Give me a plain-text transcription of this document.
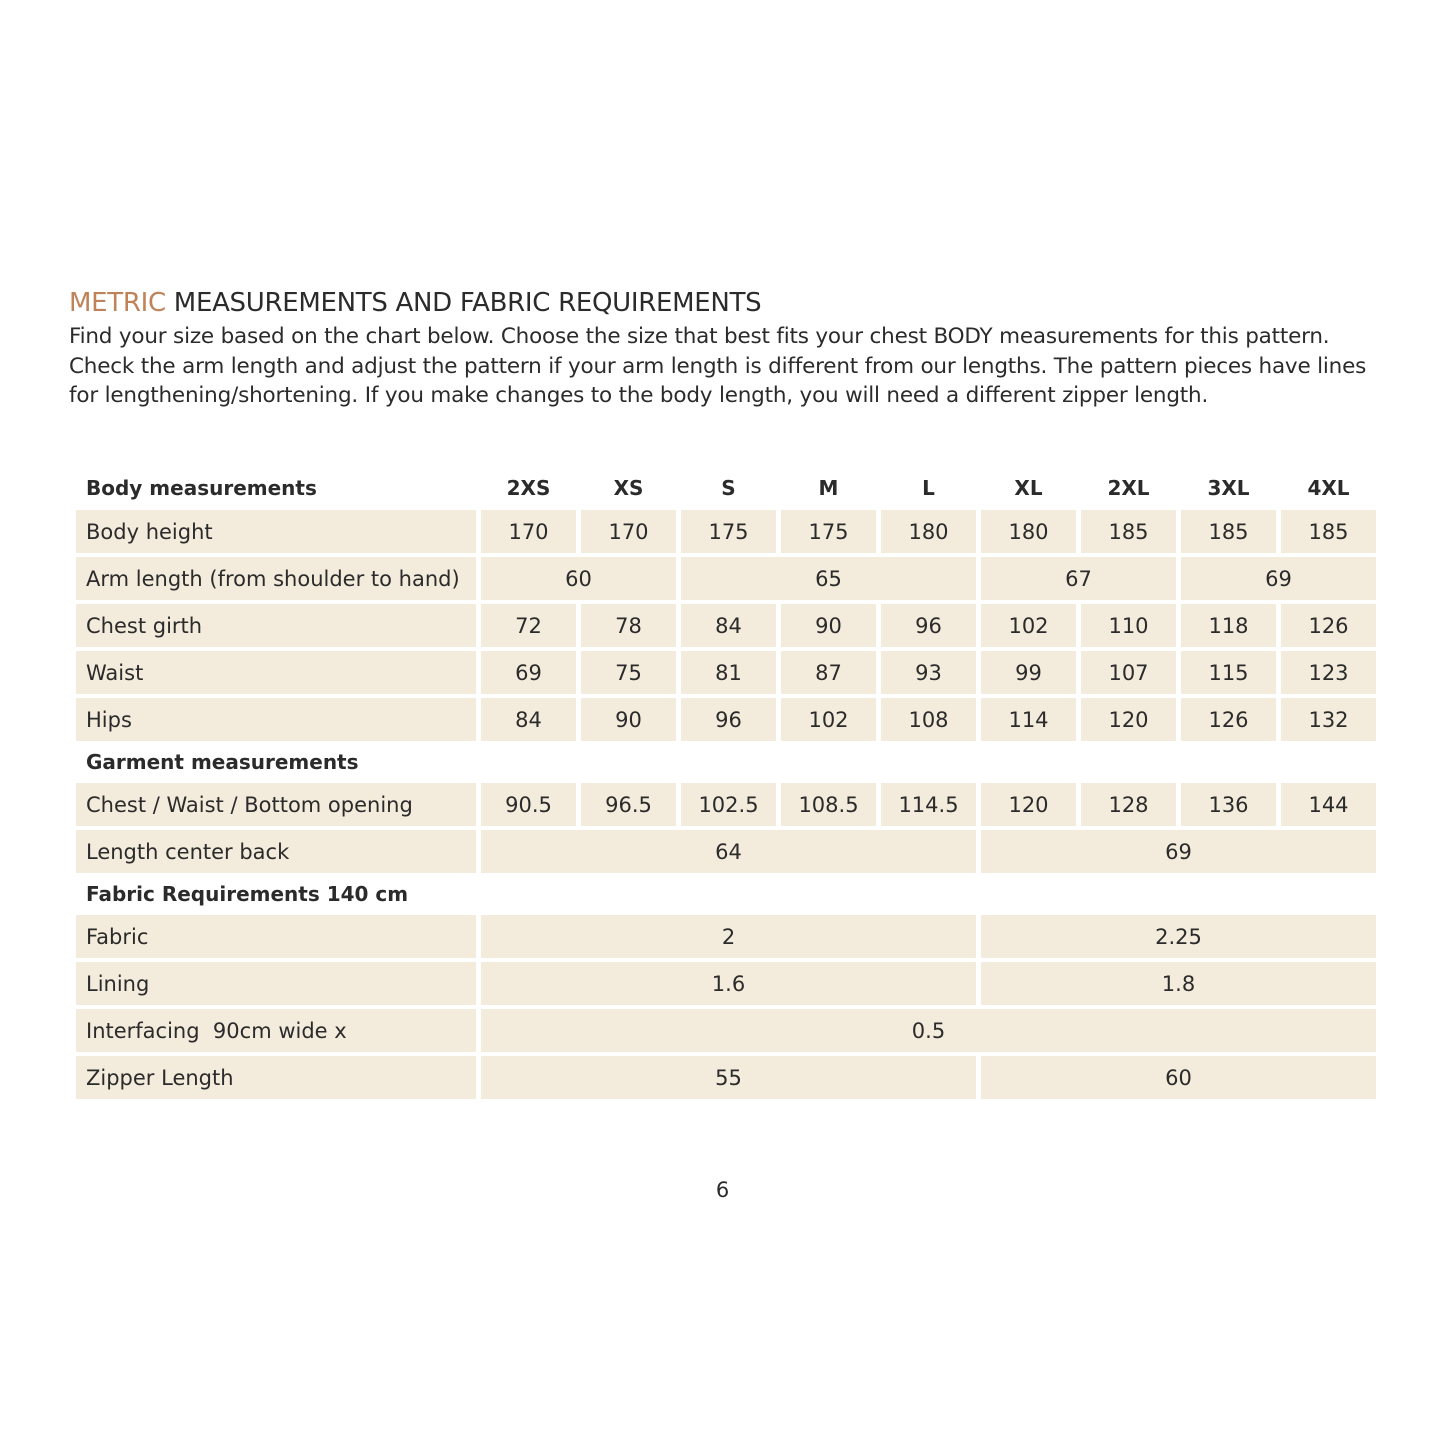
METRIC MEASUREMENTS AND FABRIC REQUIREMENTS
Find your size based on the chart below. Choose the size that best fits your chest BODY measurements for this pattern.
Check the arm length and adjust the pattern if your arm length is different from our lengths. The pattern pieces have lines
for lengthening/shortening. If you make changes to the body length, you will need a different zipper length.
Body measurements	2XS	XS	S	M	L	XL	2XL	3XL	4XL
Body height	170	170	175	175	180	180	185	185	185
Arm length (from shoulder to hand)	60		65			67		69	
Chest girth	72	78	84	90	96	102	110	118	126
Waist	69	75	81	87	93	99	107	115	123
Hips	84	90	96	102	108	114	120	126	132
Garment measurements									
Chest / Waist / Bottom opening	90.5	96.5	102.5	108.5	114.5	120	128	136	144
Length center back	64					69			
Fabric Requirements 140 cm									
Fabric	2					2.25			
Lining	1.6					1.8			
Interfacing  90cm wide x	0.5								
Zipper Length	55					60			
6
